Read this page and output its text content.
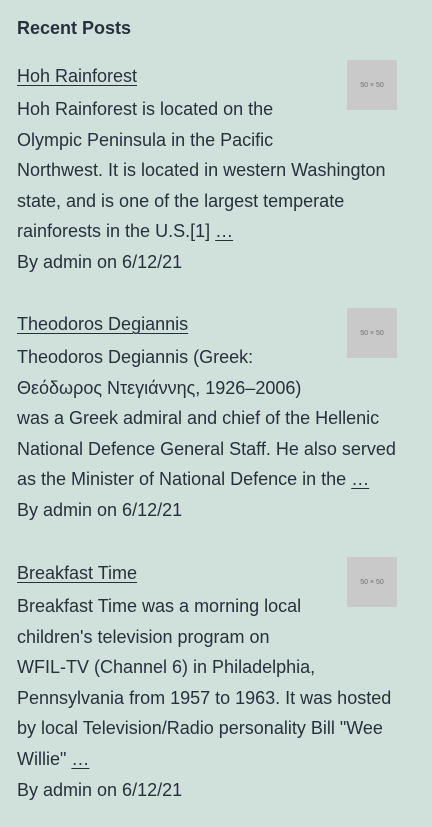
Recent Posts
Hoh Rainforest	50 × 50
Hoh Rainforest is located on the
Olympic Peninsula in the Pacific
Northwest. It is located in western Washington
state, and is one of the largest temperate
rainforests in the U.S.[1] …
By admin on 6/12/21
Theodoros Degiannis	50 × 50
Theodoros Degiannis (Greek:
Θεόδωρος Ντεγιάννης, 1926–2006)
was a Greek admiral and chief of the Hellenic
National Defence General Staff. He also served
as the Minister of National Defence in the …
By admin on 6/12/21
Breakfast Time	50 × 50
Breakfast Time was a morning local
children's television program on
WFIL-TV (Channel 6) in Philadelphia,
Pennsylvania from 1957 to 1963. It was hosted
by local Television/Radio personality Bill "Wee
Willie" …
By admin on 6/12/21
